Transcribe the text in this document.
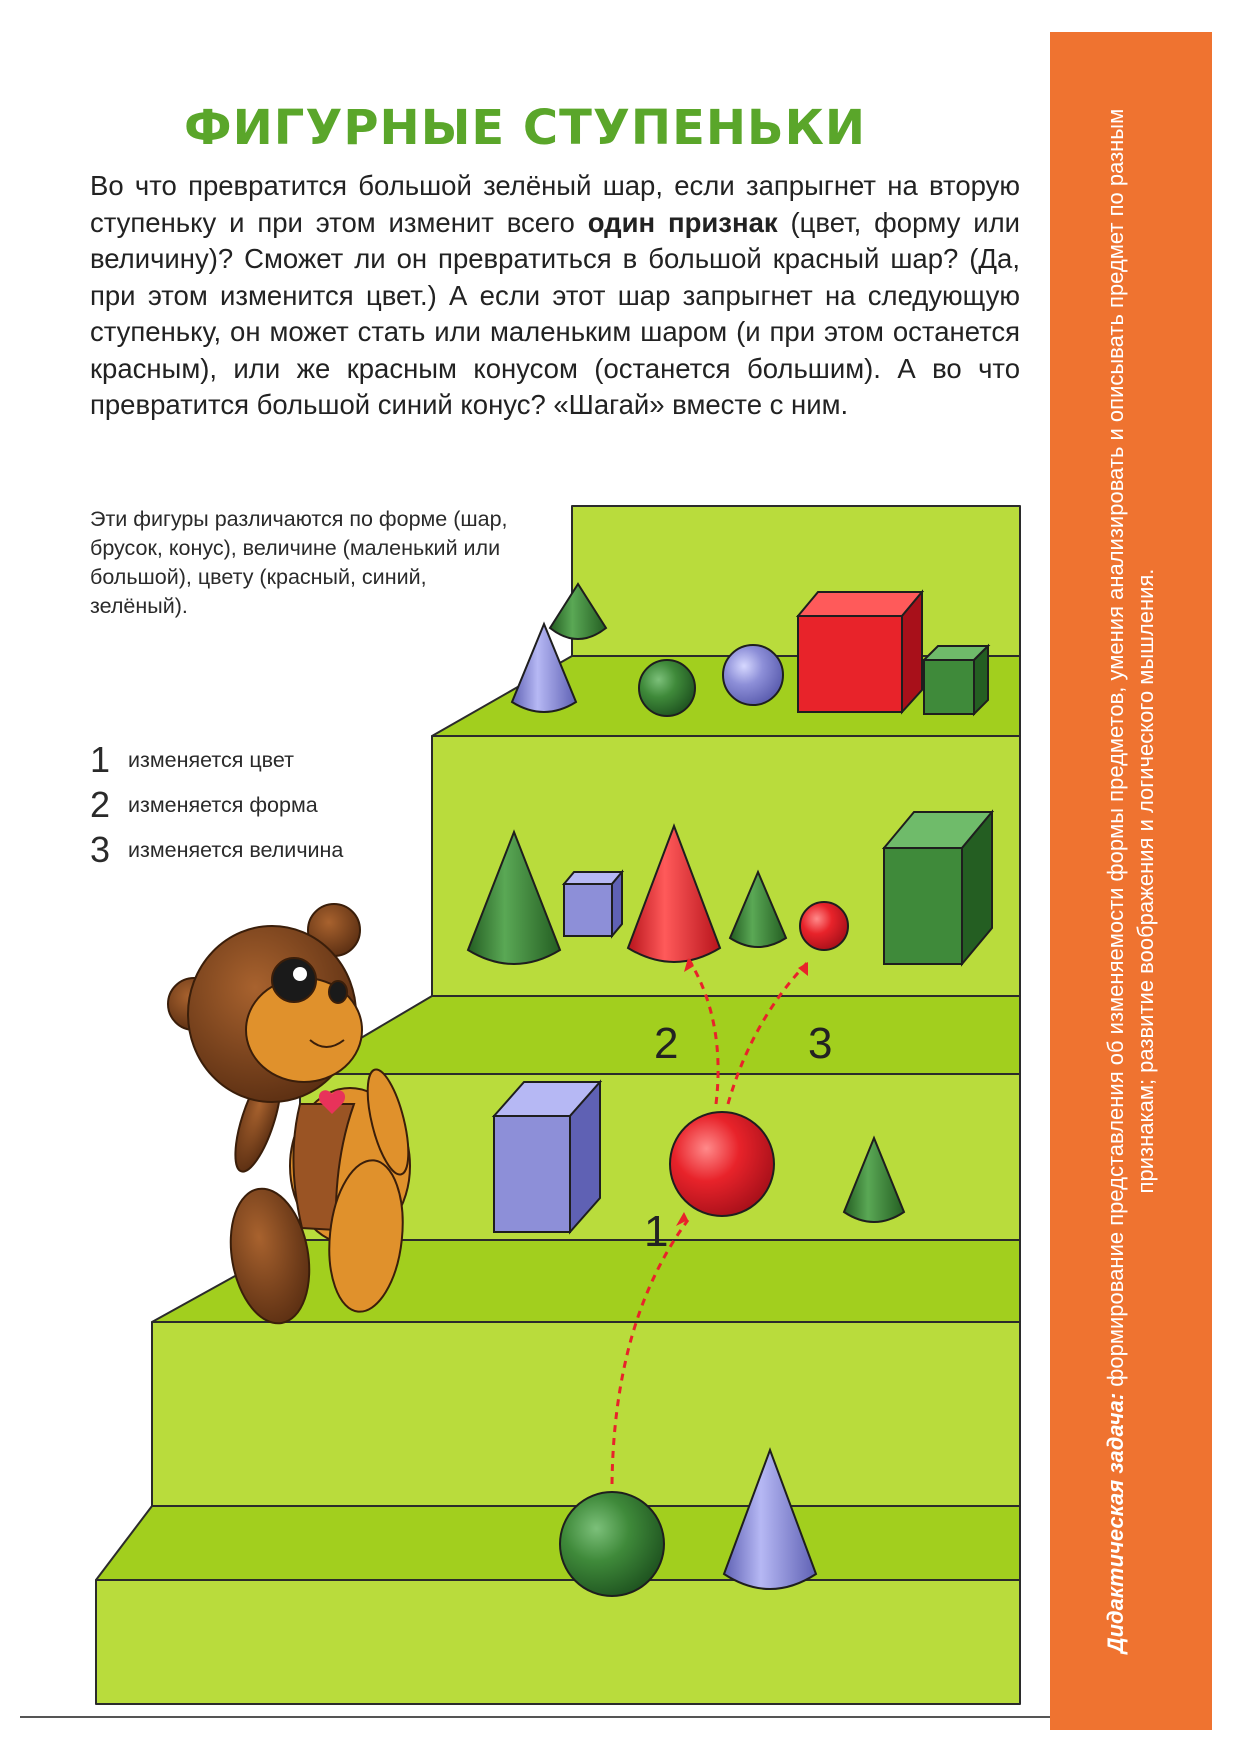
ФИГУРНЫЕ СТУПЕНЬКИ

Во что превратится большой зелёный шар, если запрыгнет на вторую ступеньку и при этом изменит всего один признак (цвет, форму или величину)? Сможет ли он превратиться в большой красный шар? (Да, при этом изменится цвет.) А если этот шар запрыгнет на следующую ступеньку, он может стать или маленьким шаром (и при этом останется красным), или же красным конусом (останется большим). А во что превратится большой синий конус? «Шагай» вместе с ним.

Эти фигуры различаются по форме (шар, брусок, конус), величине (маленький или большой), цвету (красный, синий, зелёный).

1 изменяется цвет
2 изменяется форма
3 изменяется величина
1
2	3
Дидактическая задача: формирование представления об изменяемости формы предметов, умения анализировать и описывать предмет по разным признакам; развитие воображения и логического мышления.
